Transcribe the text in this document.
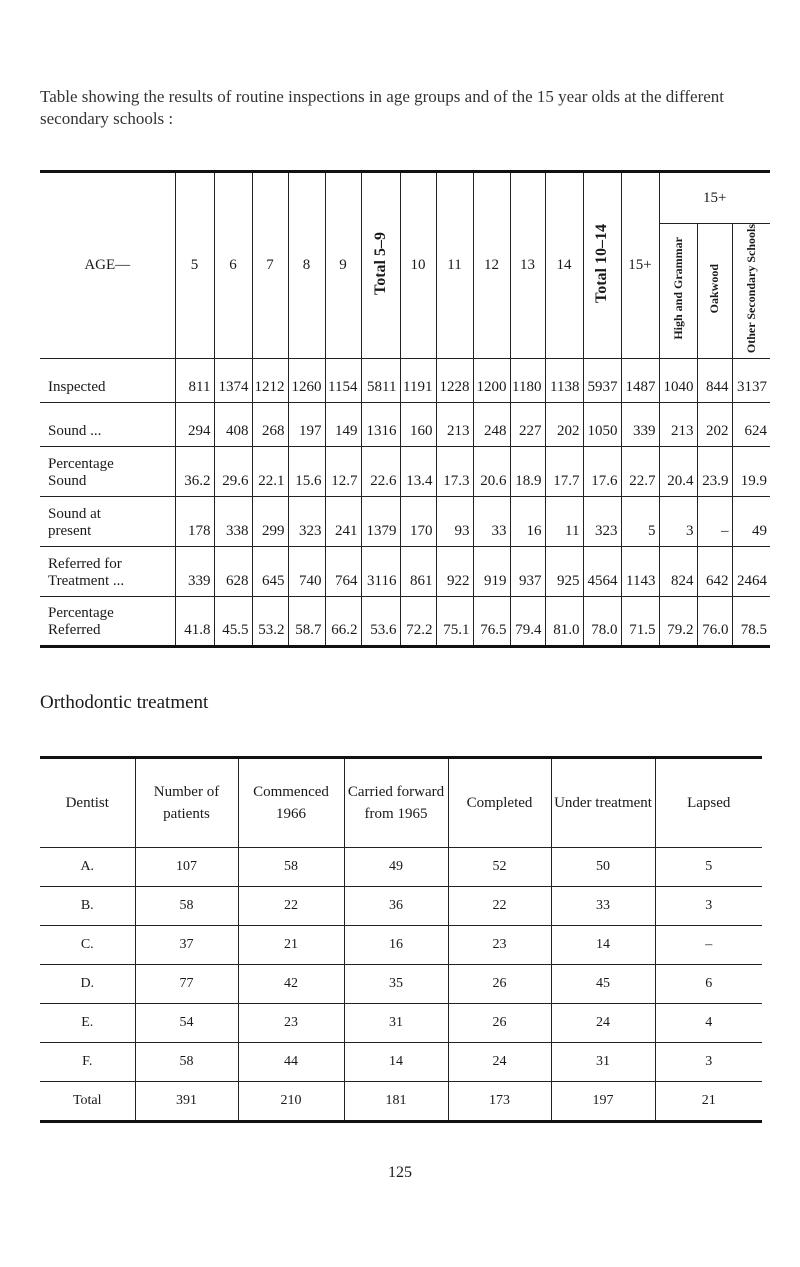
Table showing the results of routine inspections in age groups and of the 15 year olds at the different secondary schools :
AGE—	5	6	7	8	9	Total 5–9	10	11	12	13	14	Total 10–14	15+	15+		
														High and Grammar	Oakwood	Other Secondary Schools

Inspected	811	1374	1212	1260	1154	5811	1191	1228	1200	1180	1138	5937	1487	1040	844	3137

Sound ...	294	408	268	197	149	1316	160	213	248	227	202	1050	339	213	202	624

Percentage
Sound	36.2	29.6	22.1	15.6	12.7	22.6	13.4	17.3	20.6	18.9	17.7	17.6	22.7	20.4	23.9	19.9

Sound at
present	178	338	299	323	241	1379	170	93	33	16	11	323	5	3	–	49

Referred for
Treatment ...	339	628	645	740	764	3116	861	922	919	937	925	4564	1143	824	642	2464

Percentage
Referred	41.8	45.5	53.2	58.7	66.2	53.6	72.2	75.1	76.5	79.4	81.0	78.0	71.5	79.2	76.0	78.5
Orthodontic treatment
Dentist	Number of patients	Commenced 1966	Carried forward from 1965	Completed	Under treatment	Lapsed
A.	107	58	49	52	50	5
B.	58	22	36	22	33	3
C.	37	21	16	23	14	–
D.	77	42	35	26	45	6
E.	54	23	31	26	24	4
F.	58	44	14	24	31	3
Total	391	210	181	173	197	21
125
